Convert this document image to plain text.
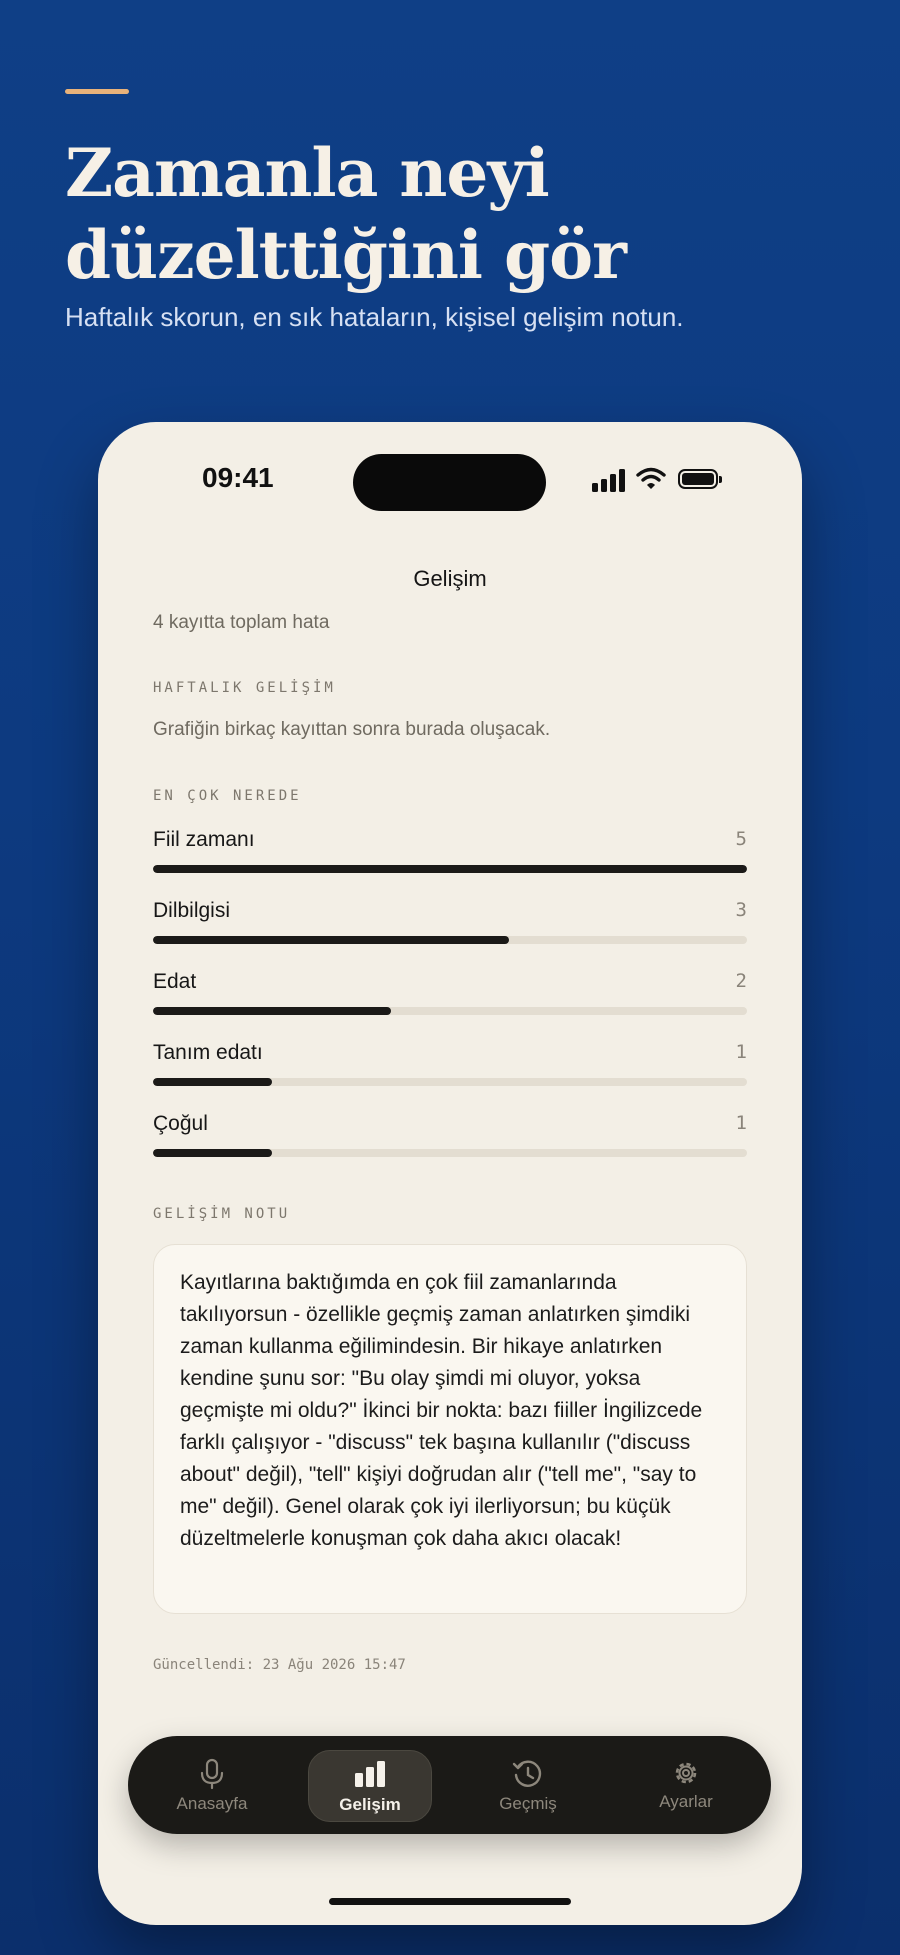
Zamanla neyi düzelttiğini gör

Haftalık skorun, en sık hataların, kişisel gelişim notun.

09:41
Gelişim
4 kayıtta toplam hata
HAFTALIK GELİŞİM
Grafiğin birkaç kayıttan sonra burada oluşacak.
EN ÇOK NEREDE
Fiil zamanı	5
Dilbilgisi	3
Edat	2
Tanım edatı	1
Çoğul	1
GELİŞİM NOTU

Kayıtlarına baktığımda en çok fiil zamanlarında takılıyorsun - özellikle geçmiş zaman anlatırken şimdiki zaman kullanma eğilimindesin. Bir hikaye anlatırken kendine şunu sor: "Bu olay şimdi mi oluyor, yoksa geçmişte mi oldu?" İkinci bir nokta: bazı fiiller İngilizcede farklı çalışıyor - "discuss" tek başına kullanılır ("discuss about" değil), "tell" kişiyi doğrudan alır ("tell me", "say to me" değil). Genel olarak çok iyi ilerliyorsun; bu küçük düzeltmelerle konuşman çok daha akıcı olacak!

Güncellendi: 23 Ağu 2026 15:47
Anasayfa	Gelişim	Geçmiş	Ayarlar
